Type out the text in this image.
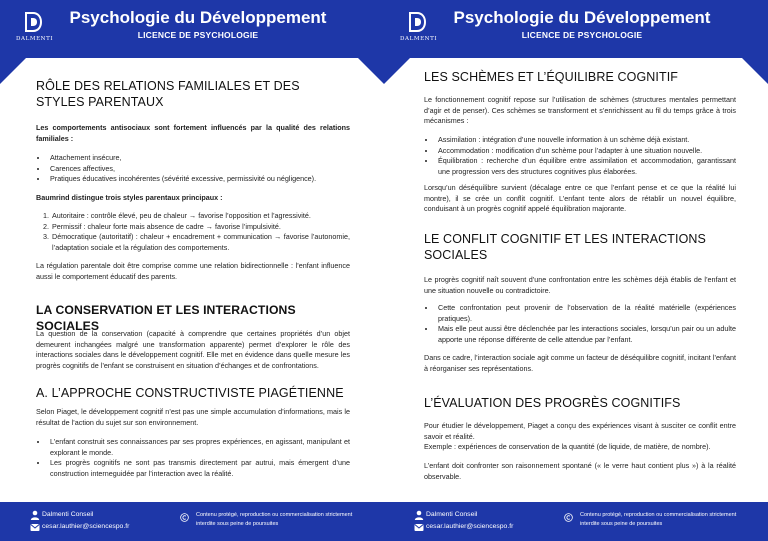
DALMENTI
Psychologie du Développement
LICENCE DE PSYCHOLOGIE
RÔLE DES RELATIONS FAMILIALES ET DES STYLES PARENTAUX

Les comportements antisociaux sont fortement influencés par la qualité des relations familiales :

• Attachement insécure,
• Carences affectives,
• Pratiques éducatives incohérentes (sévérité excessive, permissivité ou négligence).

Baumrind distingue trois styles parentaux principaux :

1. Autoritaire : contrôle élevé, peu de chaleur → favorise l’opposition et l’agressivité.
2. Permissif : chaleur forte mais absence de cadre → favorise l’impulsivité.
3. Démocratique (autoritatif) : chaleur + encadrement + communication → favorise l’autonomie, l’adaptation sociale et la régulation des comportements.

La régulation parentale doit être comprise comme une relation bidirectionnelle : l’enfant influence aussi le comportement éducatif des parents.

LA CONSERVATION ET LES INTERACTIONS SOCIALES

La question de la conservation (capacité à comprendre que certaines propriétés d’un objet demeurent inchangées malgré une transformation apparente) permet d’explorer le rôle des interactions sociales dans le développement cognitif. Elle met en évidence dans quelle mesure les progrès cognitifs de l’enfant se construisent en situation d’échanges et de confrontations.

A. L’APPROCHE CONSTRUCTIVISTE PIAGÉTIENNE

Selon Piaget, le développement cognitif n’est pas une simple accumulation d’informations, mais le résultat de l’action du sujet sur son environnement.

• L’enfant construit ses connaissances par ses propres expériences, en agissant, manipulant et explorant le monde.
• Les progrès cognitifs ne sont pas transmis directement par autrui, mais émergent d’une construction interneguidée par l’interaction avec la réalité.
Dalmenti Conseil
cesar.lauthier@sciencespo.fr
Contenu protégé, reproduction ou commercialisation strictement
interdite sous peine de poursuites
DALMENTI
Psychologie du Développement
LICENCE DE PSYCHOLOGIE
LES SCHÈMES ET L’ÉQUILIBRE COGNITIF

Le fonctionnement cognitif repose sur l’utilisation de schèmes (structures mentales permettant d’agir et de penser). Ces schèmes se transforment et s’enrichissent au fil du temps grâce à trois mécanismes :

• Assimilation : intégration d’une nouvelle information à un schème déjà existant.
• Accommodation : modification d’un schème pour l’adapter à une situation nouvelle.
• Équilibration : recherche d’un équilibre entre assimilation et accommodation, garantissant une progression vers des structures cognitives plus élaborées.

Lorsqu’un déséquilibre survient (décalage entre ce que l’enfant pense et ce que la réalité lui montre), il se crée un conflit cognitif. L’enfant tente alors de rétablir un nouvel équilibre, conduisant à un progrès cognitif appelé équilibration majorante.

LE CONFLIT COGNITIF ET LES INTERACTIONS SOCIALES

Le progrès cognitif naît souvent d’une confrontation entre les schèmes déjà établis de l’enfant et une situation nouvelle ou contradictoire.

• Cette confrontation peut provenir de l’observation de la réalité matérielle (expériences pratiques).
• Mais elle peut aussi être déclenchée par les interactions sociales, lorsqu’un pair ou un adulte apporte une réponse différente de celle attendue par l’enfant.

Dans ce cadre, l’interaction sociale agit comme un facteur de déséquilibre cognitif, incitant l’enfant à réorganiser ses représentations.

L’ÉVALUATION DES PROGRÈS COGNITIFS

Pour étudier le développement, Piaget a conçu des expériences visant à susciter ce conflit entre savoir et réalité.

Exemple : expériences de conservation de la quantité (de liquide, de matière, de nombre).

L’enfant doit confronter son raisonnement spontané (« le verre haut contient plus ») à la réalité observable.

Dalmenti Conseil
cesar.lauthier@sciencespo.fr
Contenu protégé, reproduction ou commercialisation strictement
interdite sous peine de poursuites
